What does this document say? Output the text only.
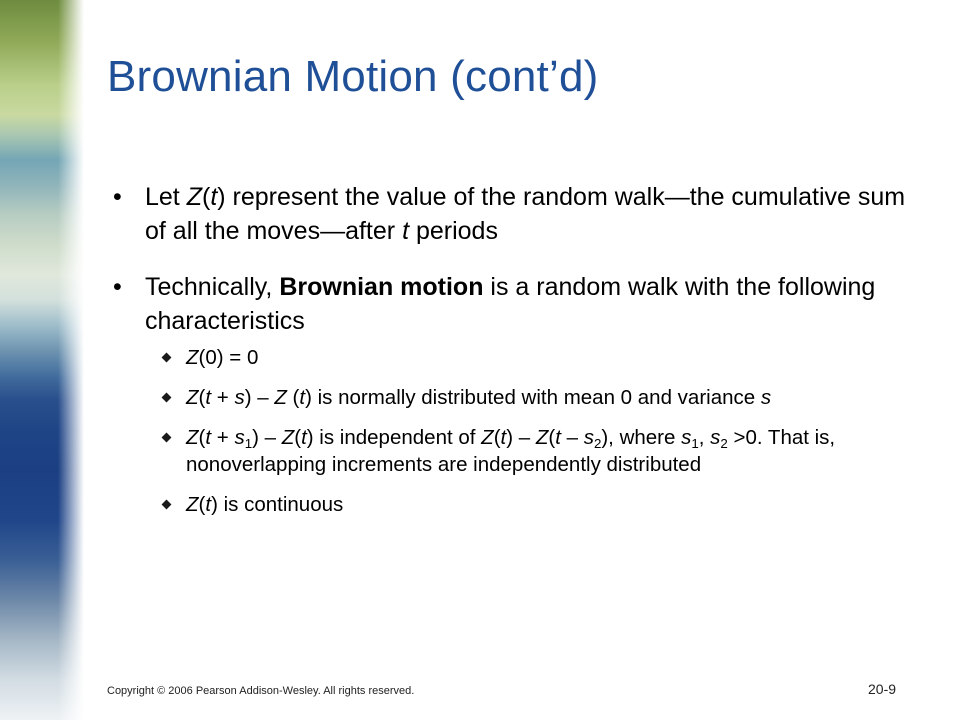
Brownian Motion (cont’d)
• Let Z(t) represent the value of the random walk—the cumulative sum of all the moves—after t periods
• Technically, Brownian motion is a random walk with the following characteristics
Z(0) = 0
Z(t + s) – Z (t) is normally distributed with mean 0 and variance s
$Z(t + s_1) - Z(t)$ is independent of $Z(t) - Z(t - s_2)$, where $s_1$, $s_2 >0$. That is, nonoverlapping increments are independently distributed
Z(t) is continuous
Copyright © 2006 Pearson Addison-Wesley. All rights reserved.	20-9
